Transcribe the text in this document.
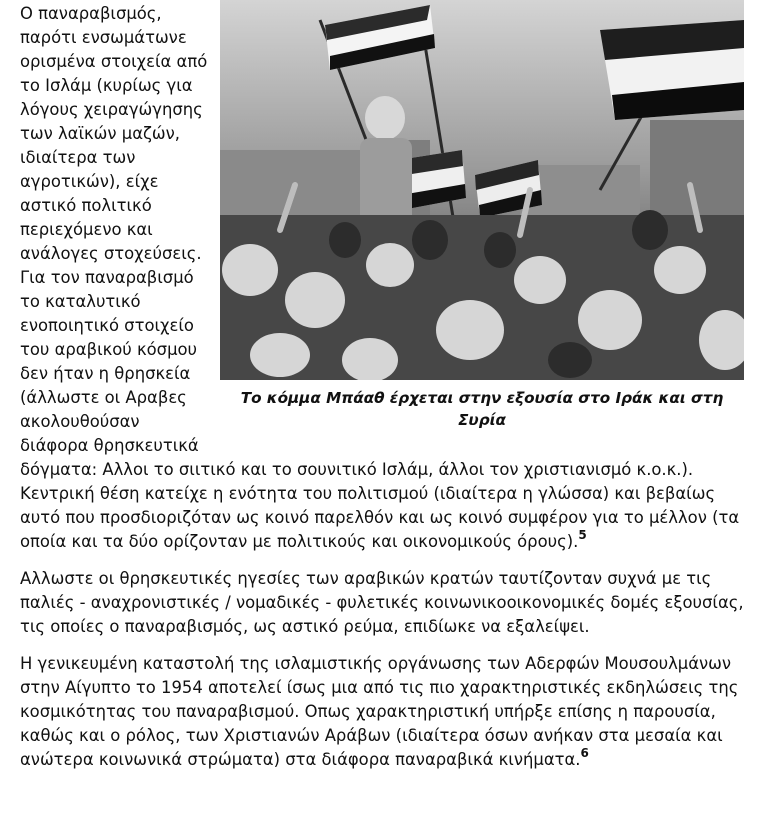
Το κόμμα Μπάαθ έρχεται στην εξουσία στο Ιράκ και στη Συρία

Ο παναραβισμός, παρότι ενσωμάτωνε ορισμένα στοιχεία από το Ισλάμ (κυρίως για λόγους χειραγώγησης των λαϊκών μαζών, ιδιαίτερα των αγροτικών), είχε αστικό πολιτικό περιεχόμενο και ανάλογες στοχεύσεις. Για τον παναραβισμό το καταλυτικό ενοποιητικό στοιχείο του αραβικού κόσμου δεν ήταν η θρησκεία (άλλωστε οι Αραβες ακολουθούσαν διάφορα θρησκευτικά δόγματα: Αλλοι το σιιτικό και το σουνιτικό Ισλάμ, άλλοι τον χριστιανισμό κ.ο.κ.). Κεντρική θέση κατείχε η ενότητα του πολιτισμού (ιδιαίτερα η γλώσσα) και βεβαίως αυτό που προσδιοριζόταν ως κοινό παρελθόν και ως κοινό συμφέρον για το μέλλον (τα οποία και τα δύο ορίζονταν με πολιτικούς και οικονομικούς όρους).$^5$

Αλλωστε οι θρησκευτικές ηγεσίες των αραβικών κρατών ταυτίζονταν συχνά με τις παλιές - αναχρονιστικές / νομαδικές - φυλετικές κοινωνικοοικονομικές δομές εξουσίας, τις οποίες ο παναραβισμός, ως αστικό ρεύμα, επιδίωκε να εξαλείψει.

Η γενικευμένη καταστολή της ισλαμιστικής οργάνωσης των Αδερφών Μουσουλμάνων στην Αίγυπτο το 1954 αποτελεί ίσως μια από τις πιο χαρακτηριστικές εκδηλώσεις της κοσμικότητας του παναραβισμού. Οπως χαρακτηριστική υπήρξε επίσης η παρουσία, καθώς και ο ρόλος, των Χριστιανών Αράβων (ιδιαίτερα όσων ανήκαν στα μεσαία και ανώτερα κοινωνικά στρώματα) στα διάφορα παναραβικά κινήματα.$^6$
